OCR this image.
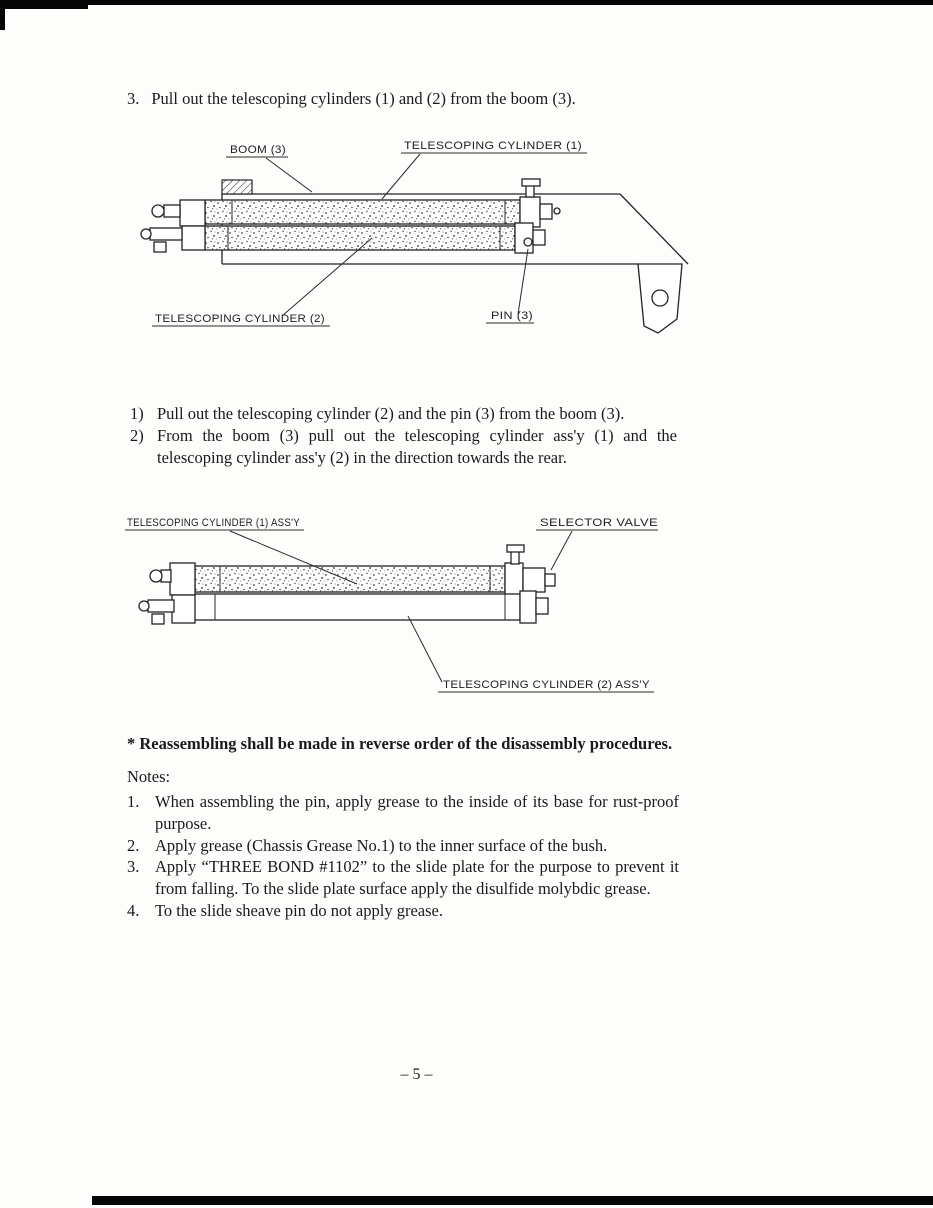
3. Pull out the telescoping cylinders (1) and (2) from the boom (3).

BOOM (3)	TELESCOPING CYLINDER (1)
TELESCOPING CYLINDER (2)	PIN (3)
1) Pull out the telescoping cylinder (2) and the pin (3) from the boom (3).
2) From the boom (3) pull out the telescoping cylinder ass'y (1) and the telescoping cylinder ass'y (2) in the direction towards the rear.
TELESCOPING CYLINDER (1) ASS'Y	SELECTOR VALVE
TELESCOPING CYLINDER (2) ASS'Y

* Reassembling shall be made in reverse order of the disassembly procedures.

Notes:
1. When assembling the pin, apply grease to the inside of its base for rust-proof purpose.
2. Apply grease (Chassis Grease No.1) to the inner surface of the bush.
3. Apply “THREE BOND #1102” to the slide plate for the purpose to prevent it from falling. To the slide plate surface apply the disulfide molybdic grease.
4. To the slide sheave pin do not apply grease.
– 5 –
